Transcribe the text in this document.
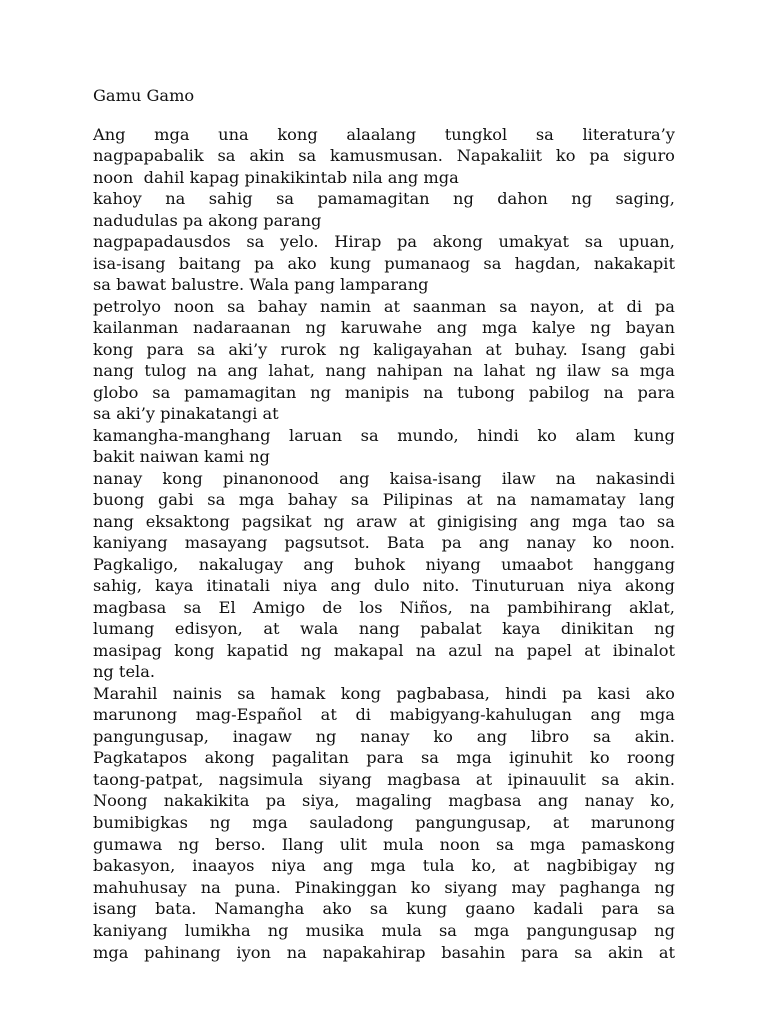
Gamu Gamo
Ang mga una kong alaalang tungkol sa literatura’y
nagpapabalik sa akin sa kamusmusan. Napakaliit ko pa siguro
noon  dahil kapag pinakikintab nila ang mga
kahoy na sahig sa pamamagitan ng dahon ng saging,
nadudulas pa akong parang
nagpapadausdos sa yelo. Hirap pa akong umakyat sa upuan,
isa-isang baitang pa ako kung pumanaog sa hagdan, nakakapit
sa bawat balustre. Wala pang lamparang
petrolyo noon sa bahay namin at saanman sa nayon, at di pa
kailanman nadaraanan ng karuwahe ang mga kalye ng bayan
kong para sa aki’y rurok ng kaligayahan at buhay. Isang gabi
nang tulog na ang lahat, nang nahipan na lahat ng ilaw sa mga
globo sa pamamagitan ng manipis na tubong pabilog na para
sa aki’y pinakatangi at
kamangha-manghang laruan sa mundo, hindi ko alam kung
bakit naiwan kami ng
nanay kong pinanonood ang kaisa-isang ilaw na nakasindi
buong gabi sa mga bahay sa Pilipinas at na namamatay lang
nang eksaktong pagsikat ng araw at ginigising ang mga tao sa
kaniyang masayang pagsutsot. Bata pa ang nanay ko noon.
Pagkaligo, nakalugay ang buhok niyang umaabot hanggang
sahig, kaya itinatali niya ang dulo nito. Tinuturuan niya akong
magbasa sa El Amigo de los Niños, na pambihirang aklat,
lumang edisyon, at wala nang pabalat kaya dinikitan ng
masipag kong kapatid ng makapal na azul na papel at ibinalot
ng tela.
Marahil nainis sa hamak kong pagbabasa, hindi pa kasi ako
marunong mag-Español at di mabigyang-kahulugan ang mga
pangungusap, inagaw ng nanay ko ang libro sa akin.
Pagkatapos akong pagalitan para sa mga iginuhit ko roong
taong-patpat, nagsimula siyang magbasa at ipinauulit sa akin.
Noong nakakikita pa siya, magaling magbasa ang nanay ko,
bumibigkas ng mga sauladong pangungusap, at marunong
gumawa ng berso. Ilang ulit mula noon sa mga pamaskong
bakasyon, inaayos niya ang mga tula ko, at nagbibigay ng
mahuhusay na puna. Pinakinggan ko siyang may paghanga ng
isang bata. Namangha ako sa kung gaano kadali para sa
kaniyang lumikha ng musika mula sa mga pangungusap ng
mga pahinang iyon na napakahirap basahin para sa akin at
